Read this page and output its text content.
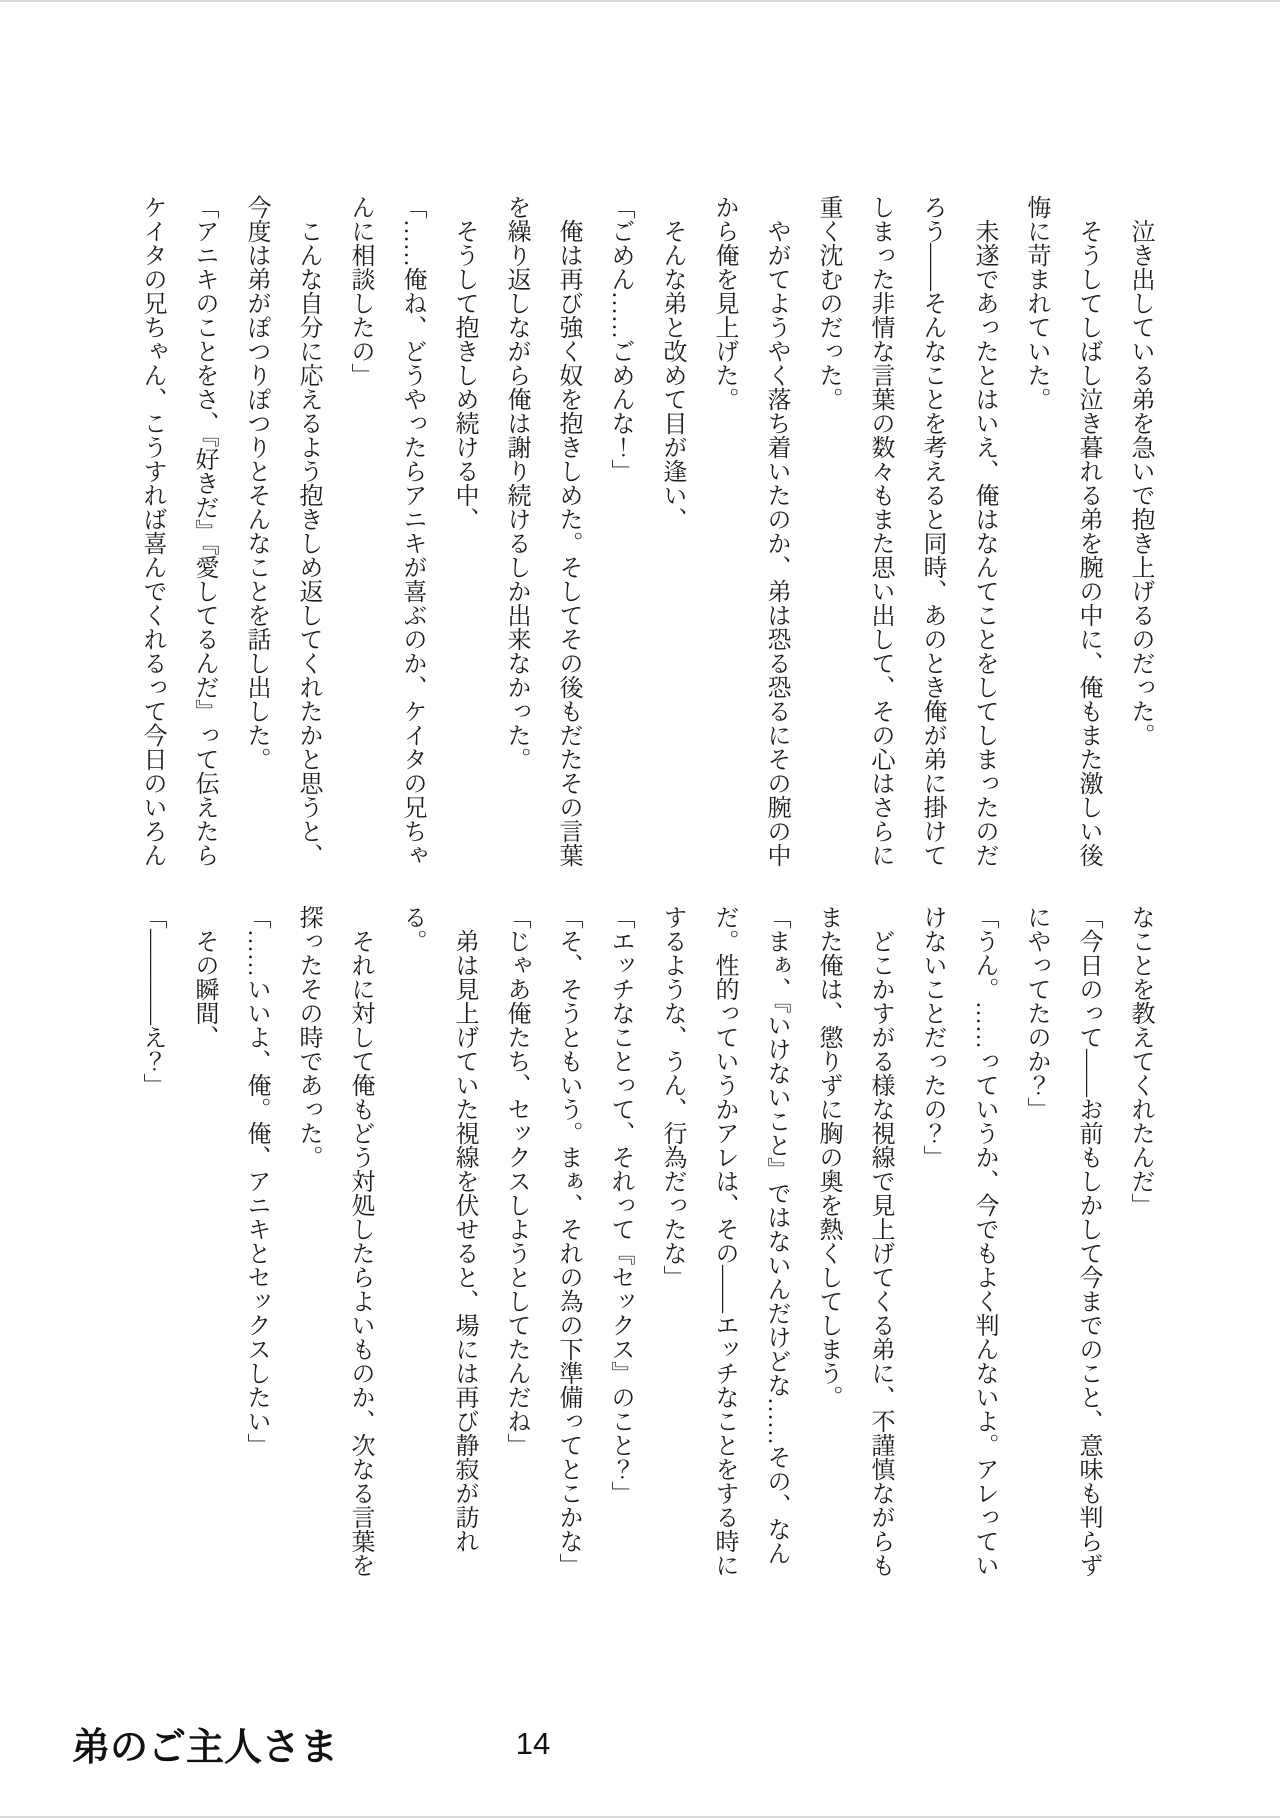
泣き出している弟を急いで抱き上げるのだった。

そうしてしばし泣き暮れる弟を腕の中に、俺もまた激しい後悔に苛まれていた。

未遂であったとはいえ、俺はなんてことをしてしまったのだろう――そんなことを考えると同時、あのとき俺が弟に掛けてしまった非情な言葉の数々もまた思い出して、その心はさらに重く沈むのだった。

やがてようやく落ち着いたのか、弟は恐る恐るにその腕の中から俺を見上げた。

そんな弟と改めて目が逢い、

「ごめん……ごめんな！」

俺は再び強く奴を抱きしめた。そしてその後もだたその言葉を繰り返しながら俺は謝り続けるしか出来なかった。

そうして抱きしめ続ける中、

「……俺ね、どうやったらアニキが喜ぶのか、ケイタの兄ちゃんに相談したの」

こんな自分に応えるよう抱きしめ返してくれたかと思うと、今度は弟がぽつりぽつりとそんなことを話し出した。

「アニキのことをさ、『好きだ』『愛してるんだ』って伝えたらケイタの兄ちゃん、こうすれば喜んでくれるって今日のいろん

なことを教えてくれたんだ」

「今日のって――お前もしかして今までのこと、意味も判らずにやってたのか？」

「うん。……っていうか、今でもよく判んないよ。アレっていけないことだったの？」

どこかすがる様な視線で見上げてくる弟に、不謹慎ながらもまた俺は、懲りずに胸の奥を熱くしてしまう。

「まぁ、『いけないこと』ではないんだけどな……その、なんだ。性的っていうかアレは、その――エッチなことをする時にするような、うん、行為だったな」

「エッチなことって、それって『セックス』のこと？」

「そ、そうともいう。まぁ、それの為の下準備ってとこかな」

「じゃあ俺たち、セックスしようとしてたんだね」

弟は見上げていた視線を伏せると、場には再び静寂が訪れる。

それに対して俺もどう対処したらよいものか、次なる言葉を探ったその時であった。

「……いいよ、俺。俺、アニキとセックスしたい」

その瞬間、

「――――え？」

弟のご主人さま	14
